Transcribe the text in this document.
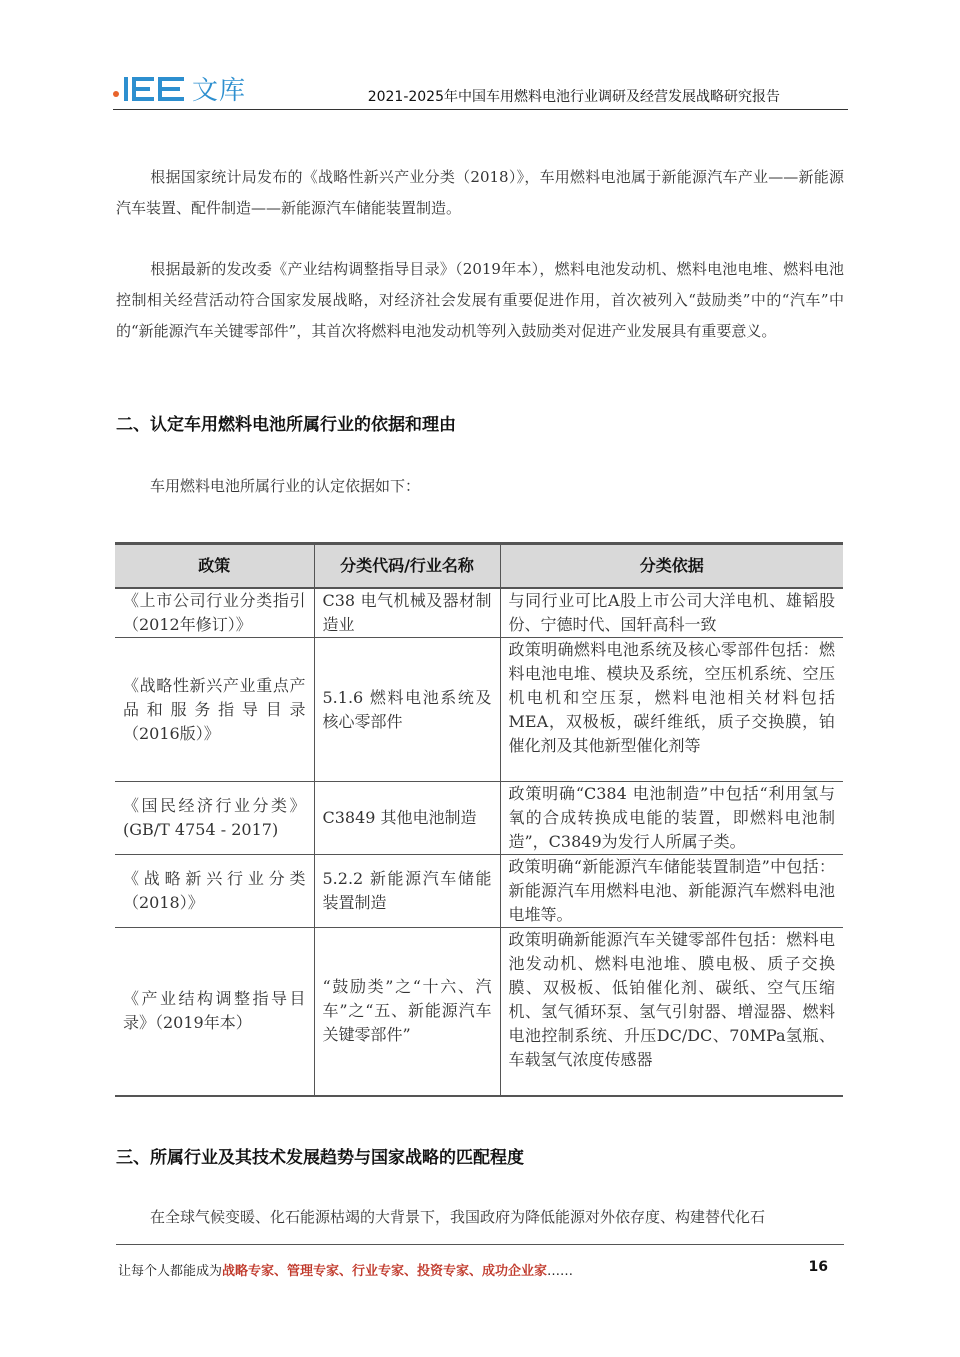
文库	2021-2025年中国车用燃料电池行业调研及经营发展战略研究报告
根据国家统计局发布的《战略性新兴产业分类（2018）》，车用燃料电池属于新能源汽车产业——新能源汽车装置、配件制造——新能源汽车储能装置制造。
根据最新的发改委《产业结构调整指导目录》（2019年本），燃料电池发动机、燃料电池电堆、燃料电池控制相关经营活动符合国家发展战略，对经济社会发展有重要促进作用，首次被列入“鼓励类”中的“汽车”中的“新能源汽车关键零部件”，其首次将燃料电池发动机等列入鼓励类对促进产业发展具有重要意义。
二、认定车用燃料电池所属行业的依据和理由
车用燃料电池所属行业的认定依据如下：
政策	分类代码/行业名称	分类依据
《上市公司行业分类指引（2012年修订）》	C38 电气机械及器材制造业	与同行业可比A股上市公司大洋电机、雄韬股份、宁德时代、国轩高科一致
《战略性新兴产业重点产品和服务指导目录（2016版）》	5.1.6 燃料电池系统及核心零部件	政策明确燃料电池系统及核心零部件包括：燃料电池电堆、模块及系统，空压机系统、空压机电机和空压泵，燃料电池相关材料包括MEA，双极板，碳纤维纸，质子交换膜，铂催化剂及其他新型催化剂等
《国民经济行业分类》(GB/T 4754 - 2017)	C3849 其他电池制造	政策明确“C384 电池制造”中包括“利用氢与氧的合成转换成电能的装置，即燃料电池制造”，C3849为发行人所属子类。
《战略新兴行业分类（2018）》	5.2.2 新能源汽车储能装置制造	政策明确“新能源汽车储能装置制造”中包括：新能源汽车用燃料电池、新能源汽车燃料电池电堆等。
《产业结构调整指导目录》（2019年本）	“鼓励类”之“十六、汽车”之“五、新能源汽车关键零部件”	政策明确新能源汽车关键零部件包括：燃料电池发动机、燃料电池堆、膜电极、质子交换膜、双极板、低铂催化剂、碳纸、空气压缩机、氢气循环泵、氢气引射器、增湿器、燃料电池控制系统、升压DC/DC、70MPa氢瓶、车载氢气浓度传感器
三、所属行业及其技术发展趋势与国家战略的匹配程度
在全球气候变暖、化石能源枯竭的大背景下，我国政府为降低能源对外依存度、构建替代化石
让每个人都能成为战略专家、管理专家、行业专家、投资专家、成功企业家……	16
